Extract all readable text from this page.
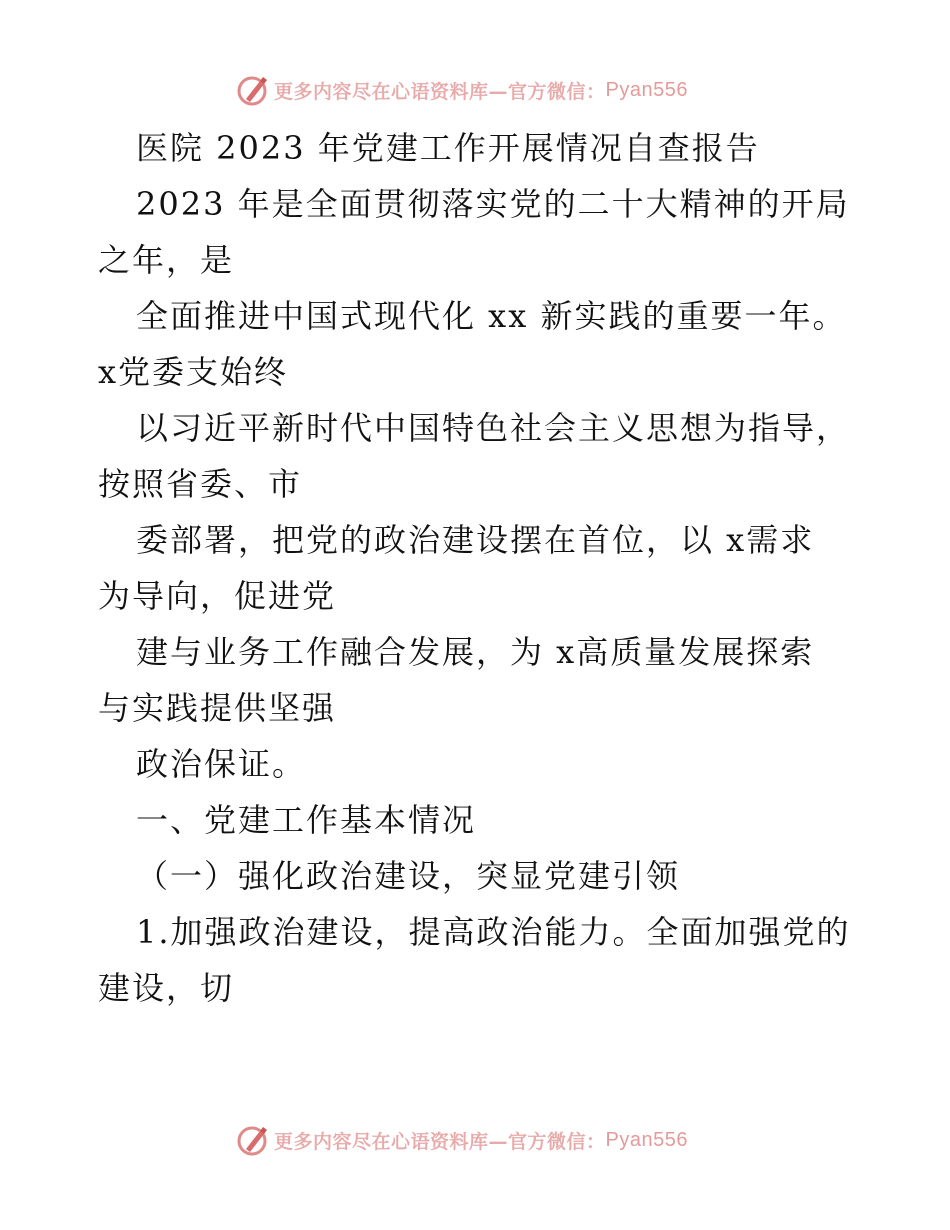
更多内容尽在心语资料库—官方微信： Pyan556
医院 2023 年党建工作开展情况自查报告
2023 年是全面贯彻落实党的二十大精神的开局
之年，是
全面推进中国式现代化 xx 新实践的重要一年。
x党委支始终
以习近平新时代中国特色社会主义思想为指导，
按照省委、市
委部署，把党的政治建设摆在首位，以 x需求
为导向，促进党
建与业务工作融合发展，为 x高质量发展探索
与实践提供坚强
政治保证。
一、党建工作基本情况
（一）强化政治建设，突显党建引领
1.加强政治建设，提高政治能力。全面加强党的
建设，切
更多内容尽在心语资料库—官方微信： Pyan556
